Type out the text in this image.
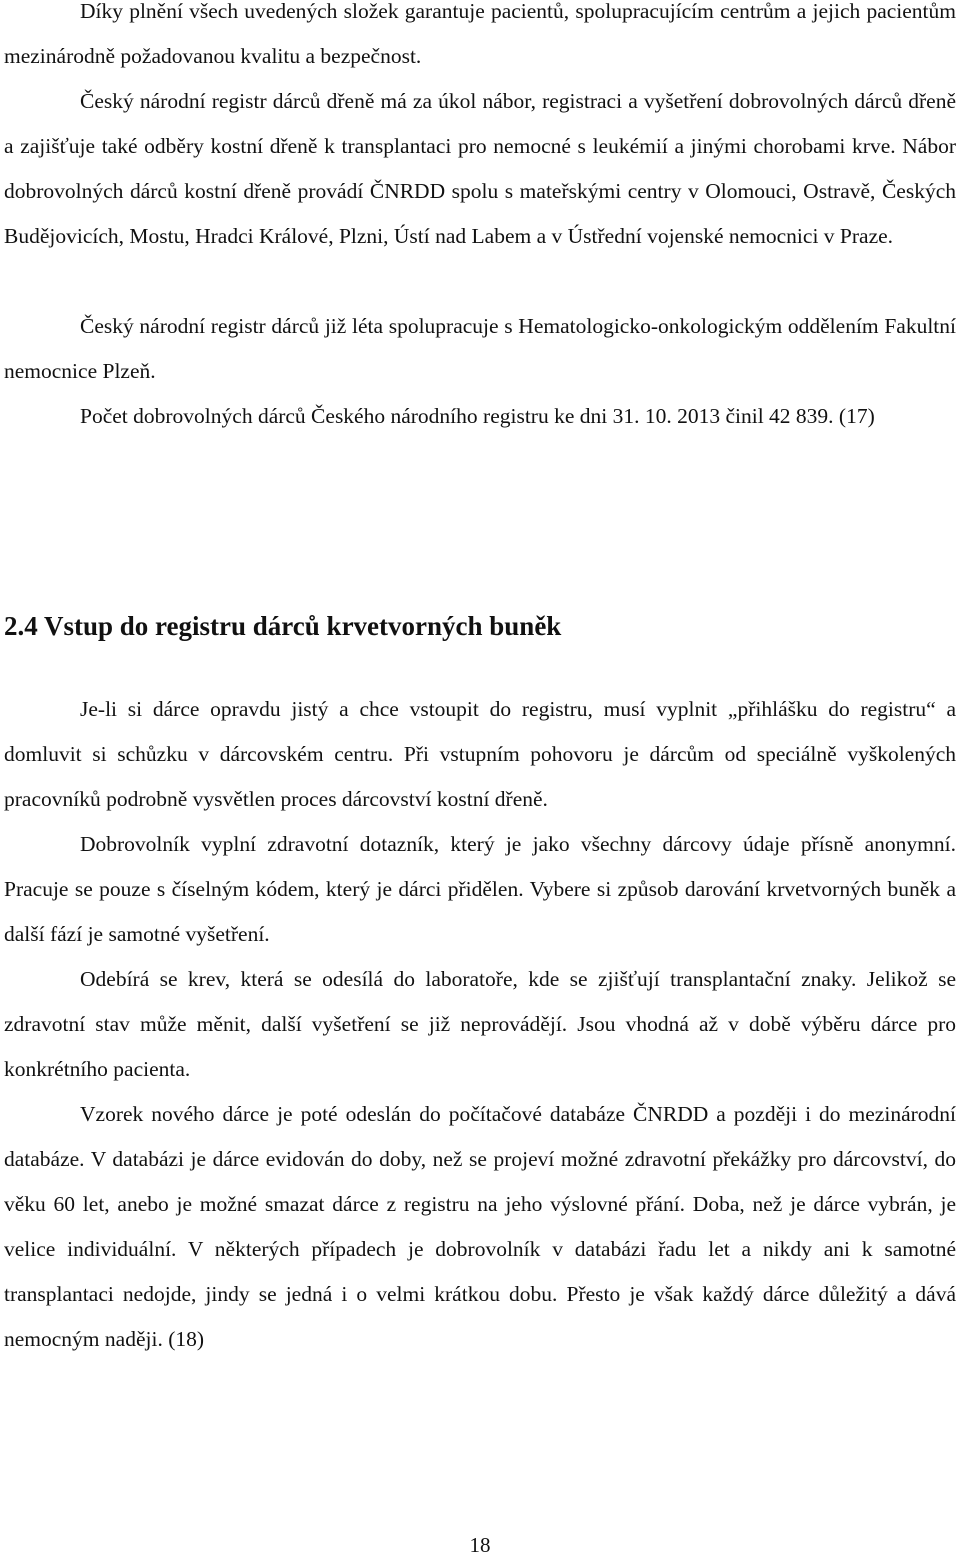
Díky plnění všech uvedených složek garantuje pacientů, spolupracujícím centrům a jejich pacientům mezinárodně požadovanou kvalitu a bezpečnost.

Český národní registr dárců dřeně má za úkol nábor, registraci a vyšetření dobrovolných dárců dřeně a zajišťuje také odběry kostní dřeně k transplantaci pro nemocné s leukémií a jinými chorobami krve. Nábor dobrovolných dárců kostní dřeně provádí ČNRDD spolu s mateřskými centry v Olomouci, Ostravě, Českých Budějovicích, Mostu, Hradci Králové, Plzni, Ústí nad Labem a v Ústřední vojenské nemocnici v Praze.

Český národní registr dárců již léta spolupracuje s Hematologicko-onkologickým oddělením Fakultní nemocnice Plzeň.

Počet dobrovolných dárců Českého národního registru ke dni 31. 10. 2013 činil 42 839. (17)

2.4 Vstup do registru dárců krvetvorných buněk

Je-li si dárce opravdu jistý a chce vstoupit do registru, musí vyplnit „přihlášku do registru“ a domluvit si schůzku v dárcovském centru. Při vstupním pohovoru je dárcům od speciálně vyškolených pracovníků podrobně vysvětlen proces dárcovství kostní dřeně.

Dobrovolník vyplní zdravotní dotazník, který je jako všechny dárcovy údaje přísně anonymní. Pracuje se pouze s číselným kódem, který je dárci přidělen. Vybere si způsob darování krvetvorných buněk a další fází je samotné vyšetření.

Odebírá se krev, která se odesílá do laboratoře, kde se zjišťují transplantační znaky. Jelikož se zdravotní stav může měnit, další vyšetření se již neprovádějí. Jsou vhodná až v době výběru dárce pro konkrétního pacienta.

Vzorek nového dárce je poté odeslán do počítačové databáze ČNRDD a později i do mezinárodní databáze. V databázi je dárce evidován do doby, než se projeví možné zdravotní překážky pro dárcovství, do věku 60 let, anebo je možné smazat dárce z registru na jeho výslovné přání. Doba, než je dárce vybrán, je velice individuální. V některých případech je dobrovolník v databázi řadu let a nikdy ani k samotné transplantaci nedojde, jindy se jedná i o velmi krátkou dobu. Přesto je však každý dárce důležitý a dává nemocným naději. (18)

18
